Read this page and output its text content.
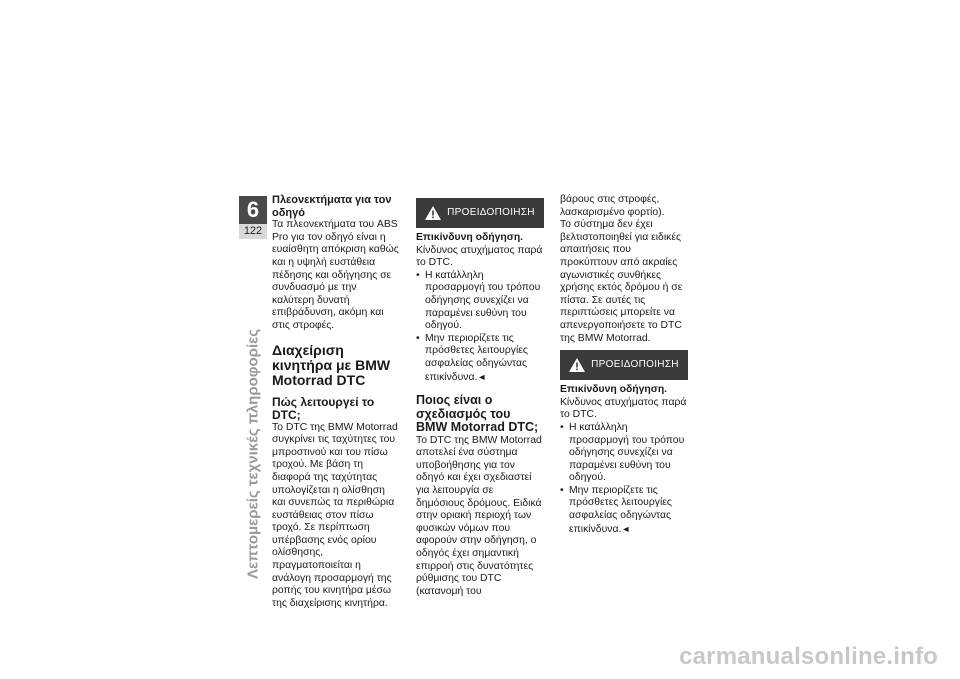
6
122
Λεπτομερείς τεχνικές πληροφορίες

Πλεονεκτήματα για τον οδηγό

Τα πλεονεκτήματα του ABS Pro για τον οδηγό είναι η ευαίσθητη απόκριση καθώς και η υψηλή ευστάθεια πέδησης και οδήγησης σε συνδυασμό με την καλύτερη δυνατή επιβράδυνση, ακόμη και στις στροφές.

Διαχείριση κινητήρα με BMW Motorrad DTC

Πώς λειτουργεί το DTC;

Το DTC της BMW Motorrad συγκρίνει τις ταχύτητες του μπροστινού και του πίσω τροχού. Με βάση τη διαφορά της ταχύτητας υπολογίζεται η ολίσθηση και συνεπώς τα περιθώρια ευστάθειας στον πίσω τροχό. Σε περίπτωση υπέρβασης ενός ορίου ολίσθησης, πραγματοποιείται η ανάλογη προσαρμογή της ροπής του κινητήρα μέσω της διαχείρισης κινητήρα.

ΠΡΟΕΙΔΟΠΟΙΗΣΗ

Επικίνδυνη οδήγηση.

Κίνδυνος ατυχήματος παρά το DTC.

• Η κατάλληλη προσαρμογή του τρόπου οδήγησης συνεχίζει να παραμένει ευθύνη του οδηγού.
• Μην περιορίζετε τις πρόσθετες λειτουργίες ασφαλείας οδηγώντας επικίνδυνα.◄

Ποιος είναι ο σχεδιασμός του BMW Motorrad DTC;

Το DTC της BMW Motorrad αποτελεί ένα σύστημα υποβοήθησης για τον οδηγό και έχει σχεδιαστεί για λειτουργία σε δημόσιους δρόμους. Ειδικά στην οριακή περιοχή των φυσικών νόμων που αφορούν στην οδήγηση, ο οδηγός έχει σημαντική επιρροή στις δυνατότητες ρύθμισης του DTC (κατανομή του

βάρους στις στροφές, λασκαρισμένο φορτίο).

Το σύστημα δεν έχει βελτιστοποιηθεί για ειδικές απαιτήσεις που προκύπτουν από ακραίες αγωνιστικές συνθήκες χρήσης εκτός δρόμου ή σε πίστα. Σε αυτές τις περιπτώσεις μπορείτε να απενεργοποιήσετε το DTC της BMW Motorrad.

ΠΡΟΕΙΔΟΠΟΙΗΣΗ

Επικίνδυνη οδήγηση.

Κίνδυνος ατυχήματος παρά το DTC.

• Η κατάλληλη προσαρμογή του τρόπου οδήγησης συνεχίζει να παραμένει ευθύνη του οδηγού.
• Μην περιορίζετε τις πρόσθετες λειτουργίες ασφαλείας οδηγώντας επικίνδυνα.◄
carmanualsonline.info
